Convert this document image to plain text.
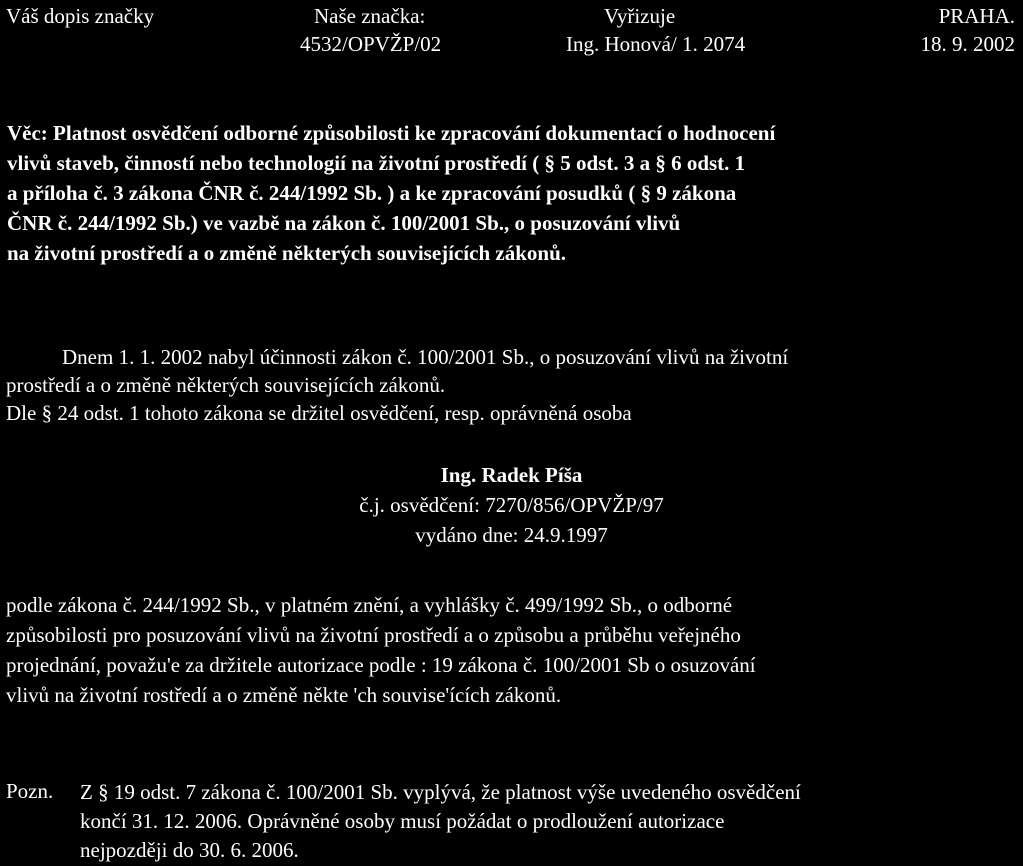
Váš dopis značky	Naše značka:
4532/OPVŽP/02
Vyřizuje
Ing. Honová/ 1. 2074
PRAHA.
18. 9. 2002

Věc: Platnost osvědčení odborné způsobilosti ke zpracování dokumentací o hodnocení

vlivů staveb, činností nebo technologií na životní prostředí ( § 5 odst. 3 a § 6 odst. 1

a příloha č. 3 zákona ČNR č. 244/1992 Sb. ) a ke zpracování posudků ( § 9 zákona

ČNR č. 244/1992 Sb.) ve vazbě na zákon č. 100/2001 Sb., o posuzování vlivů

na životní prostředí a o změně některých souvisejících zákonů.

Dnem 1. 1. 2002 nabyl účinnosti zákon č. 100/2001 Sb., o posuzování vlivů na životní
prostředí a o změně některých souvisejících zákonů.
Dle § 24 odst. 1 tohoto zákona se držitel osvědčení, resp. oprávněná osoba
Ing. Radek Píša
č.j. osvědčení: 7270/856/OPVŽP/97
vydáno dne: 24.9.1997
podle zákona č. 244/1992 Sb., v platném znění, a vyhlášky č. 499/1992 Sb., o odborné
způsobilosti pro posuzování vlivů na životní prostředí a o způsobu a průběhu veřejného
projednání, považu'e za držitele autorizace podle : 19 zákona č. 100/2001 Sb o osuzování
vlivů na životní rostředí a o změně někte 'ch souvise'ících zákonů.
Pozn. Z § 19 odst. 7 zákona č. 100/2001 Sb. vyplývá, že platnost výše uvedeného osvědčení
končí 31. 12. 2006. Oprávněné osoby musí požádat o prodloužení autorizace
nejpozději do 30. 6. 2006.
